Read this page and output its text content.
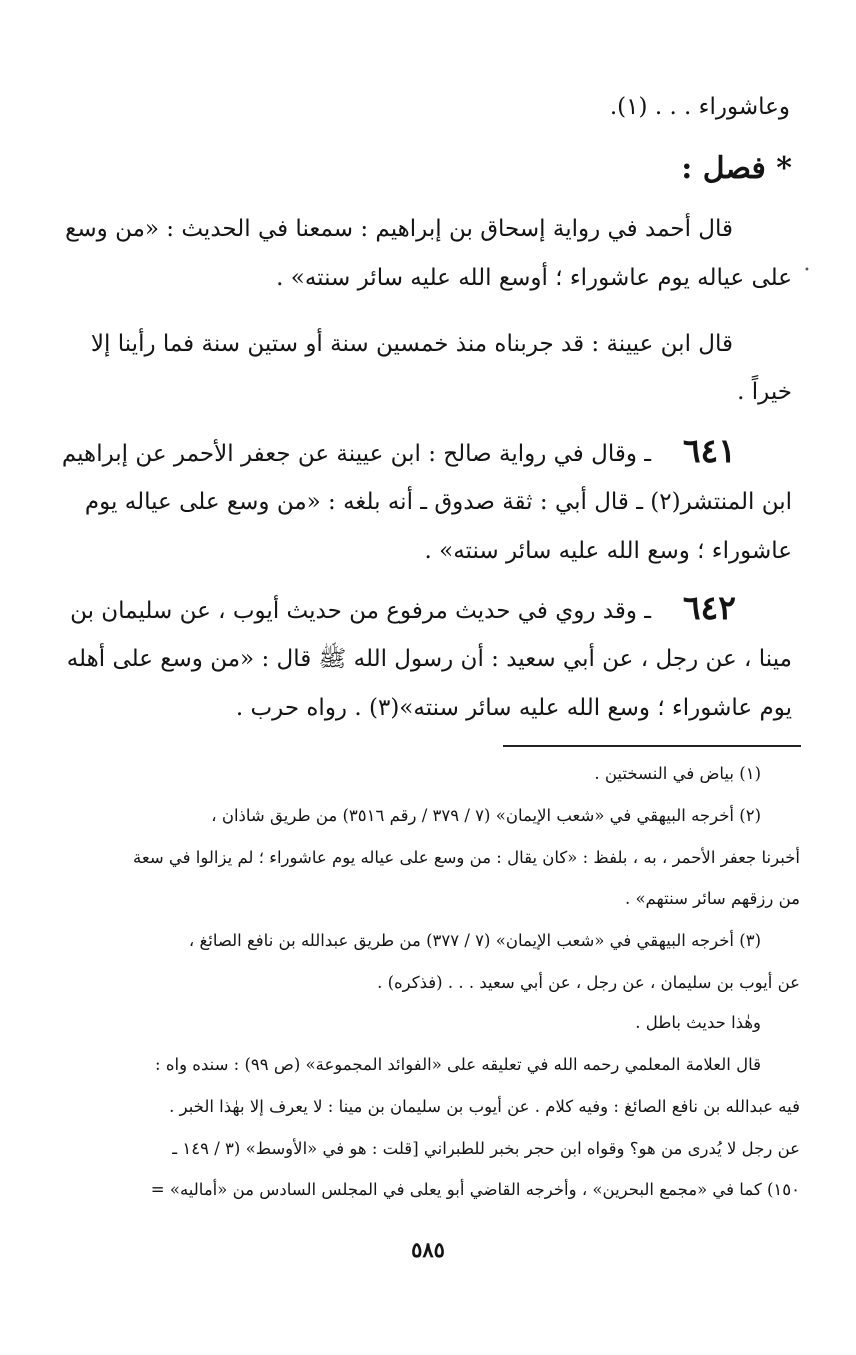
وعاشوراء . . . (١).
* فصل :
قال أحمد في رواية إسحاق بن إبراهيم : سمعنا في الحديث : «من وسع
على عياله يوم عاشوراء ؛ أوسع الله عليه سائر سنته» . •
قال ابن عيينة : قد جربناه منذ خمسين سنة أو ستين سنة فما رأينا إلا
خيراً .
٦٤١
ـ وقال في رواية صالح : ابن عيينة عن جعفر الأحمر عن إبراهيم
ابن المنتشر(٢) ـ قال أبي : ثقة صدوق ـ أنه بلغه : «من وسع على عياله يوم
عاشوراء ؛ وسع الله عليه سائر سنته» .
٦٤٢
ـ وقد روي في حديث مرفوع من حديث أيوب ، عن سليمان بن
مينا ، عن رجل ، عن أبي سعيد : أن رسول الله ﷺ قال : «من وسع على أهله
يوم عاشوراء ؛ وسع الله عليه سائر سنته»(٣) . رواه حرب .
(١) بياض في النسختين .
(٢) أخرجه البيهقي في «شعب الإيمان» (٧ / ٣٧٩ / رقم ٣٥١٦) من طريق شاذان ،
أخبرنا جعفر الأحمر ، به ، بلفظ : «كان يقال : من وسع على عياله يوم عاشوراء ؛ لم يزالوا في سعة
من رزقهم سائر سنتهم» .
(٣) أخرجه البيهقي في «شعب الإيمان» (٧ / ٣٧٧) من طريق عبدالله بن نافع الصائغ ،
عن أيوب بن سليمان ، عن رجل ، عن أبي سعيد . . . (فذكره) .
وهٰذا حديث باطل .
قال العلامة المعلمي رحمه الله في تعليقه على «الفوائد المجموعة» (ص ٩٩) : سنده واه :
فيه عبدالله بن نافع الصائغ : وفيه كلام . عن أيوب بن سليمان بن مينا : لا يعرف إلا بهٰذا الخبر .
عن رجل لا يُدرى من هو؟ وقواه ابن حجر بخبر للطبراني [قلت : هو في «الأوسط» (٣ / ١٤٩ ـ
١٥٠) كما في «مجمع البحرين» ، وأخرجه القاضي أبو يعلى في المجلس السادس من «أماليه» =
٥٨٥
